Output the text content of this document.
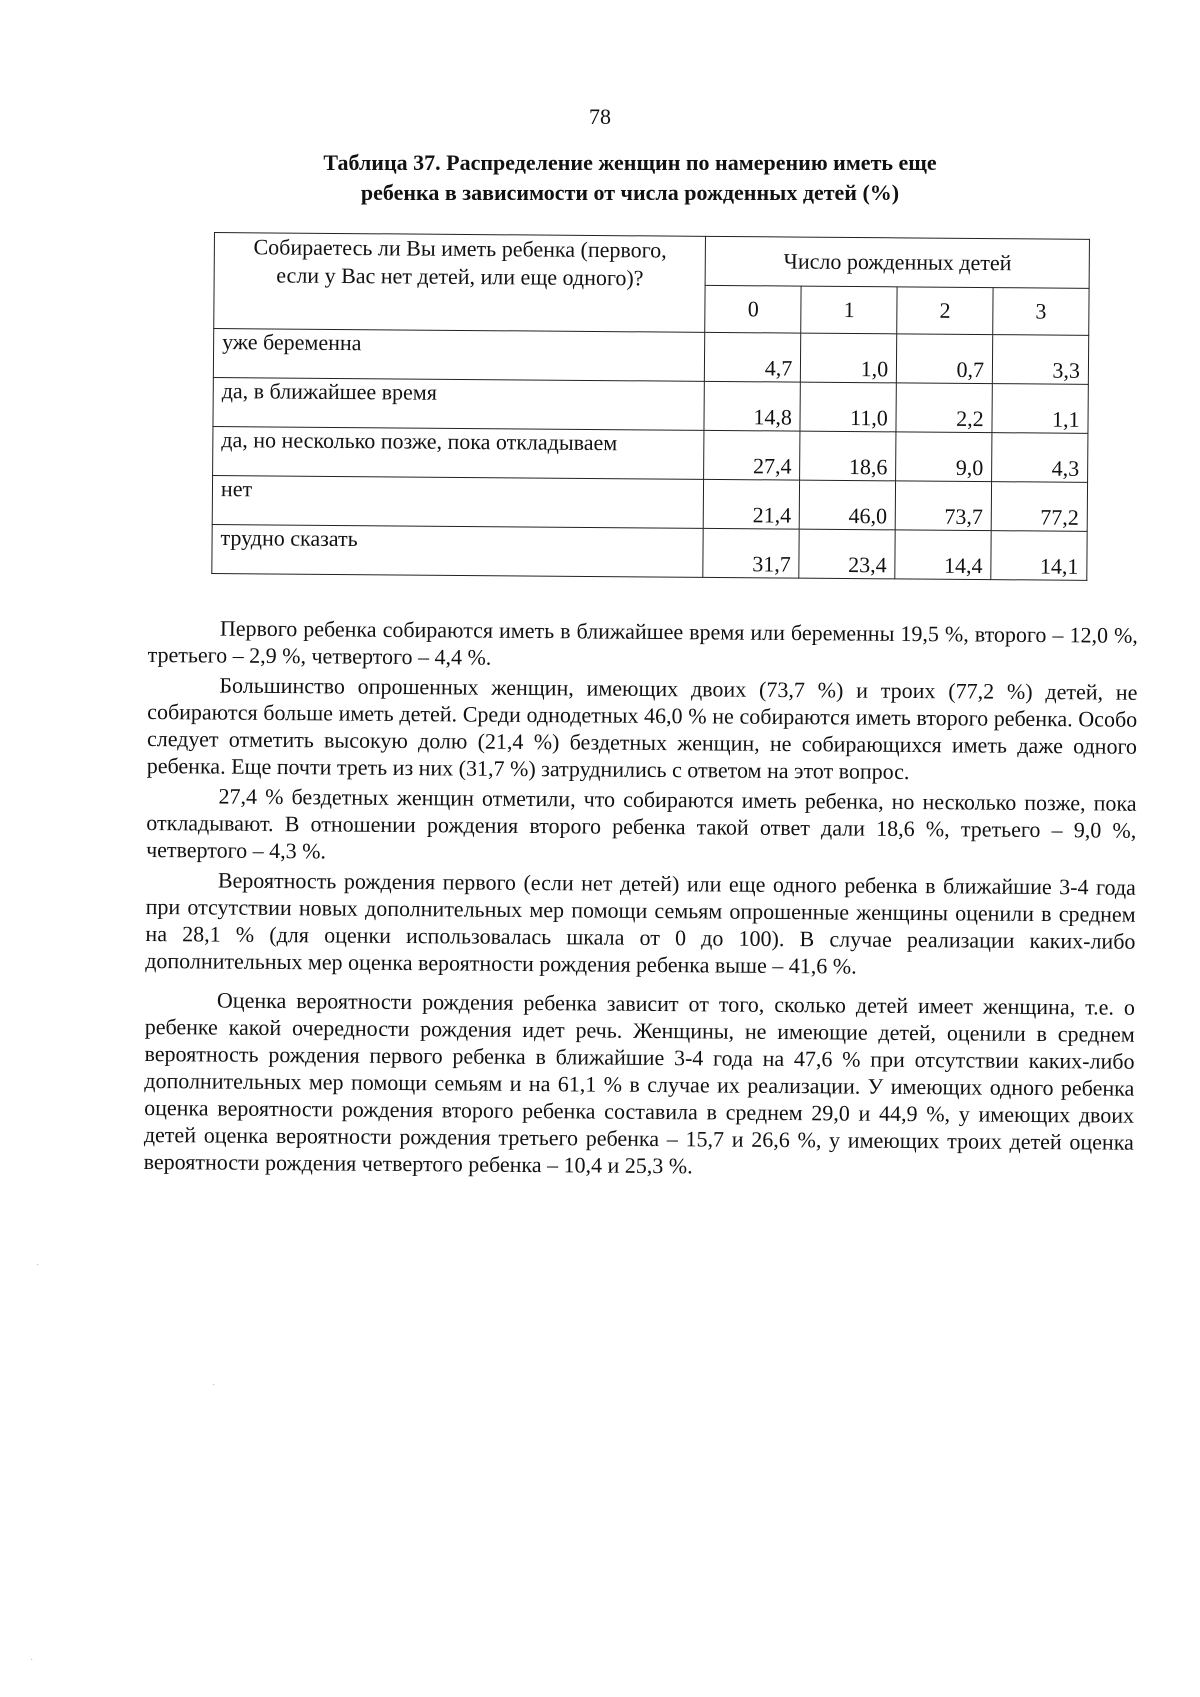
78
Таблица 37. Распределение женщин по намерению иметь еще
ребенка в зависимости от числа рожденных детей (%)
Собираетесь ли Вы иметь ребенка (первого,
если у Вас нет детей, или еще одного)?	Число рожденных детей			
	0	1	2	3
уже беременна	4,7	1,0	0,7	3,3
да, в ближайшее время	14,8	11,0	2,2	1,1
да, но несколько позже, пока откладываем	27,4	18,6	9,0	4,3
нет	21,4	46,0	73,7	77,2
трудно сказать	31,7	23,4	14,4	14,1

Первого ребенка собираются иметь в ближайшее время или беременны 19,5 %, второго – 12,0 %, третьего – 2,9 %, четвертого – 4,4 %.

Большинство опрошенных женщин, имеющих двоих (73,7 %) и троих (77,2 %) детей, не собираются больше иметь детей. Среди однодетных 46,0 % не собираются иметь второго ребенка. Особо следует отметить высокую долю (21,4 %) бездетных женщин, не собирающихся иметь даже одного ребенка. Еще почти треть из них (31,7 %) затруднились с ответом на этот вопрос.

27,4 % бездетных женщин отметили, что собираются иметь ребенка, но несколько позже, пока откладывают. В отношении рождения второго ребенка такой ответ дали 18,6 %, третьего – 9,0 %, четвертого – 4,3 %.

Вероятность рождения первого (если нет детей) или еще одного ребенка в ближайшие 3-4 года при отсутствии новых дополнительных мер помощи семьям опрошенные женщины оценили в среднем на 28,1 % (для оценки использовалась шкала от 0 до 100). В случае реализации каких-либо дополнительных мер оценка вероятности рождения ребенка выше – 41,6 %.

Оценка вероятности рождения ребенка зависит от того, сколько детей имеет женщина, т.е. о ребенке какой очередности рождения идет речь. Женщины, не имеющие детей, оценили в среднем вероятность рождения первого ребенка в ближайшие 3-4 года на 47,6 % при отсутствии каких-либо дополнительных мер помощи семьям и на 61,1 % в случае их реализации. У имеющих одного ребенка оценка вероятности рождения второго ребенка составила в среднем 29,0 и 44,9 %, у имеющих двоих детей оценка вероятности рождения третьего ребенка – 15,7 и 26,6 %, у имеющих троих детей оценка вероятности рождения четвертого ребенка – 10,4 и 25,3 %.

·
·
·
